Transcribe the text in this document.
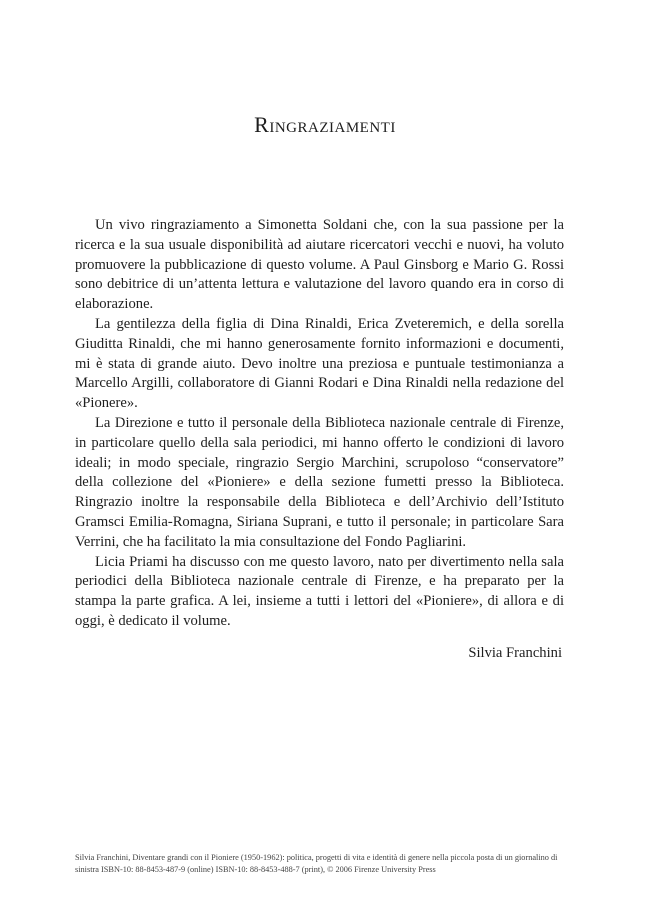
Ringraziamenti

Un vivo ringraziamento a Simonetta Soldani che, con la sua passione per la ricerca e la sua usuale disponibilità ad aiutare ricercatori vecchi e nuovi, ha voluto promuovere la pubblicazione di questo volume. A Paul Ginsborg e Mario G. Rossi sono debitrice di un’attenta lettura e valutazione del lavoro quando era in corso di elaborazione.

La gentilezza della figlia di Dina Rinaldi, Erica Zveteremich, e della sorella Giuditta Rinaldi, che mi hanno generosamente fornito informazioni e documenti, mi è stata di grande aiuto. Devo inoltre una preziosa e puntuale testimonianza a Marcello Argilli, collaboratore di Gianni Rodari e Dina Rinaldi nella redazione del «Pionere».

La Direzione e tutto il personale della Biblioteca nazionale centrale di Firenze, in particolare quello della sala periodici, mi hanno offerto le condizioni di lavoro ideali; in modo speciale, ringrazio Sergio Marchini, scrupoloso “conservatore” della collezione del «Pioniere» e della sezione fumetti presso la Biblioteca. Ringrazio inoltre la responsabile della Biblioteca e dell’Archivio dell’Istituto Gramsci Emilia-Romagna, Siriana Suprani, e tutto il personale; in particolare Sara Verrini, che ha facilitato la mia consultazione del Fondo Pagliarini.

Licia Priami ha discusso con me questo lavoro, nato per divertimento nella sala periodici della Biblioteca nazionale centrale di Firenze, e ha preparato per la stampa la parte grafica. A lei, insieme a tutti i lettori del «Pioniere», di allora e di oggi, è dedicato il volume.

Silvia Franchini

Silvia Franchini, Diventare grandi con il Pioniere (1950-1962): politica, progetti di vita e identità di genere nella piccola posta di un giornalino di sinistra ISBN-10: 88-8453-487-9 (online) ISBN-10: 88-8453-488-7 (print), © 2006 Firenze University Press
